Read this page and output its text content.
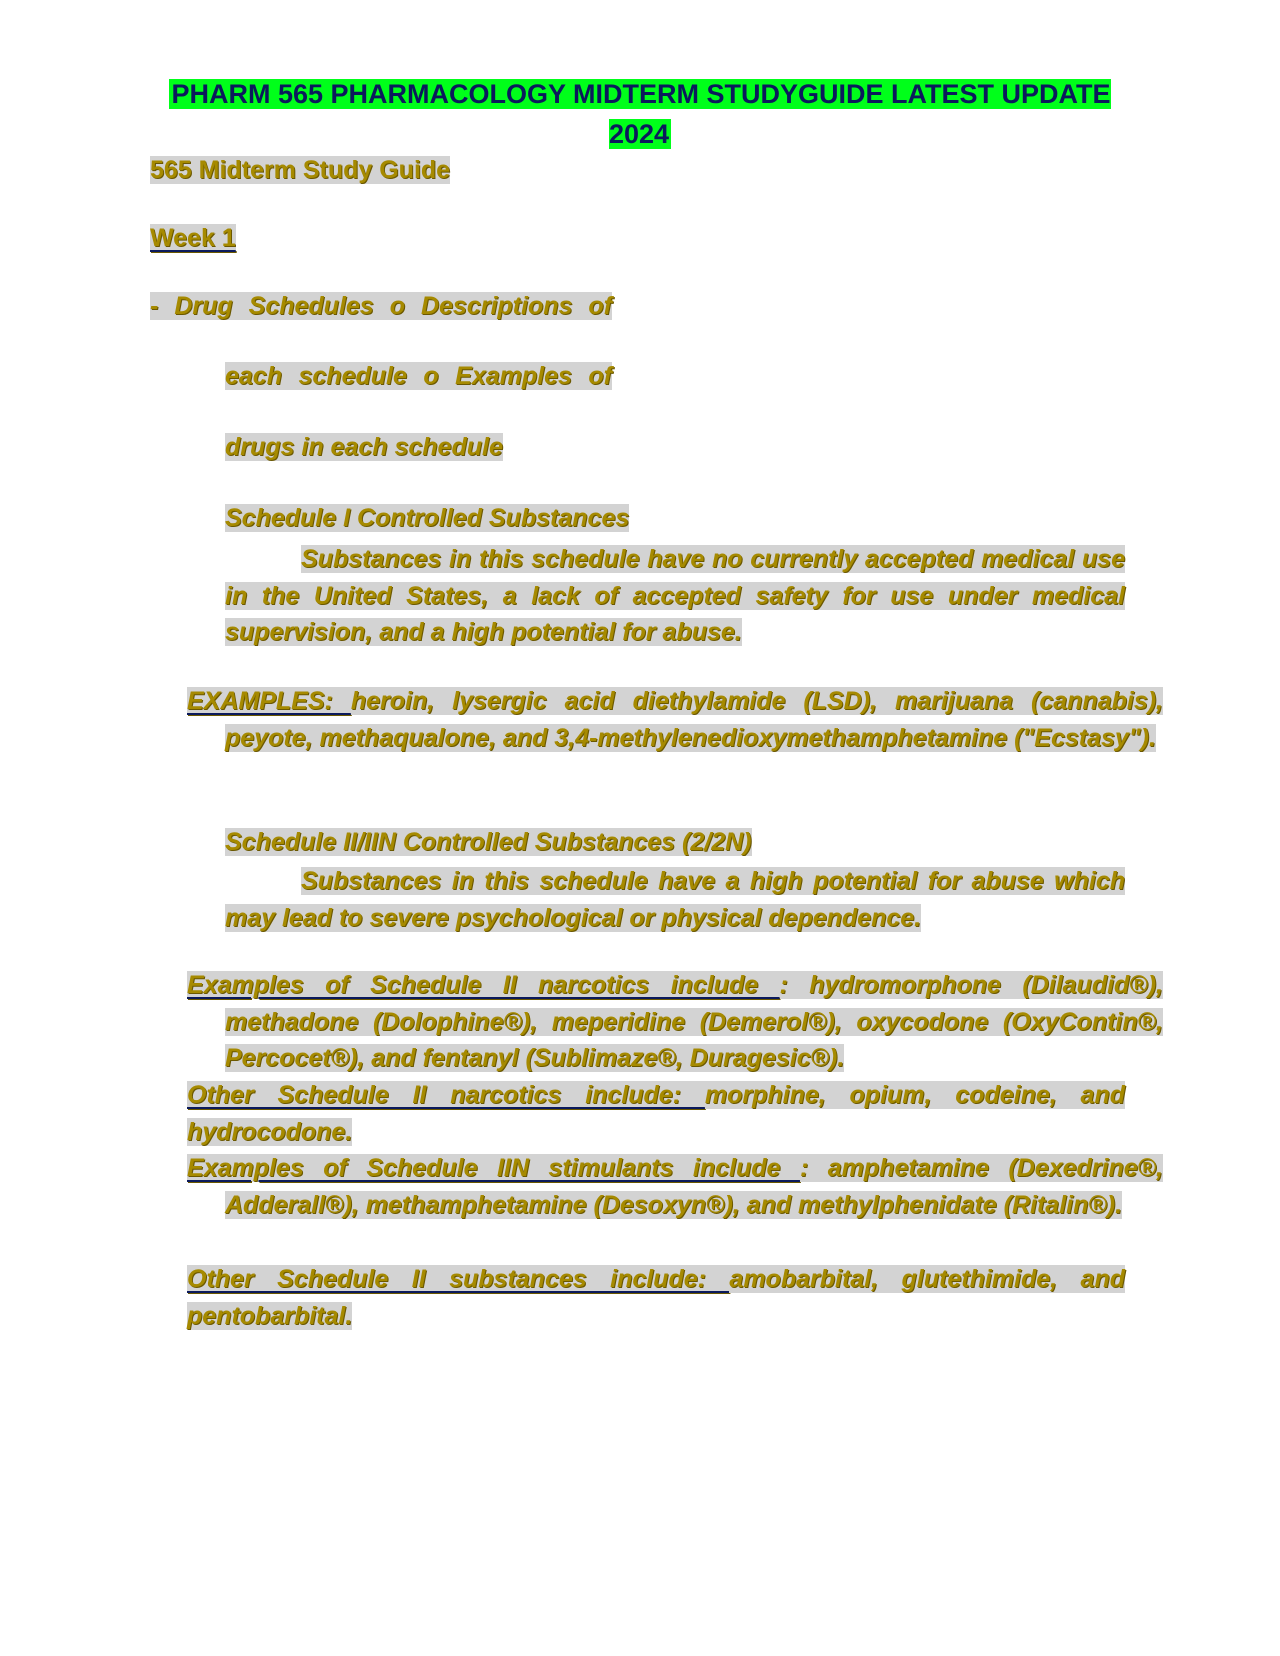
PHARM 565 PHARMACOLOGY MIDTERM STUDYGUIDE LATEST UPDATE 2024

565 Midterm Study Guide

Week 1

- Drug Schedules o Descriptions of

each schedule o Examples of

drugs in each schedule

Schedule I Controlled Substances

Substances in this schedule have no currently accepted medical use in the United States, a lack of accepted safety for use under medical supervision, and a high potential for abuse.

EXAMPLES: heroin, lysergic acid diethylamide (LSD), marijuana (cannabis), peyote, methaqualone, and 3,4-methylenedioxymethamphetamine ("Ecstasy").

Schedule II/IIN Controlled Substances (2/2N)

Substances in this schedule have a high potential for abuse which may lead to severe psychological or physical dependence.

Examples of Schedule II narcotics include : hydromorphone (Dilaudid®), methadone (Dolophine®), meperidine (Demerol®), oxycodone (OxyContin®, Percocet®), and fentanyl (Sublimaze®, Duragesic®).

Other Schedule II narcotics include: morphine, opium, codeine, and hydrocodone.

Examples of Schedule IIN stimulants include : amphetamine (Dexedrine®, Adderall®), methamphetamine (Desoxyn®), and methylphenidate (Ritalin®).

Other Schedule II substances include: amobarbital, glutethimide, and pentobarbital.
